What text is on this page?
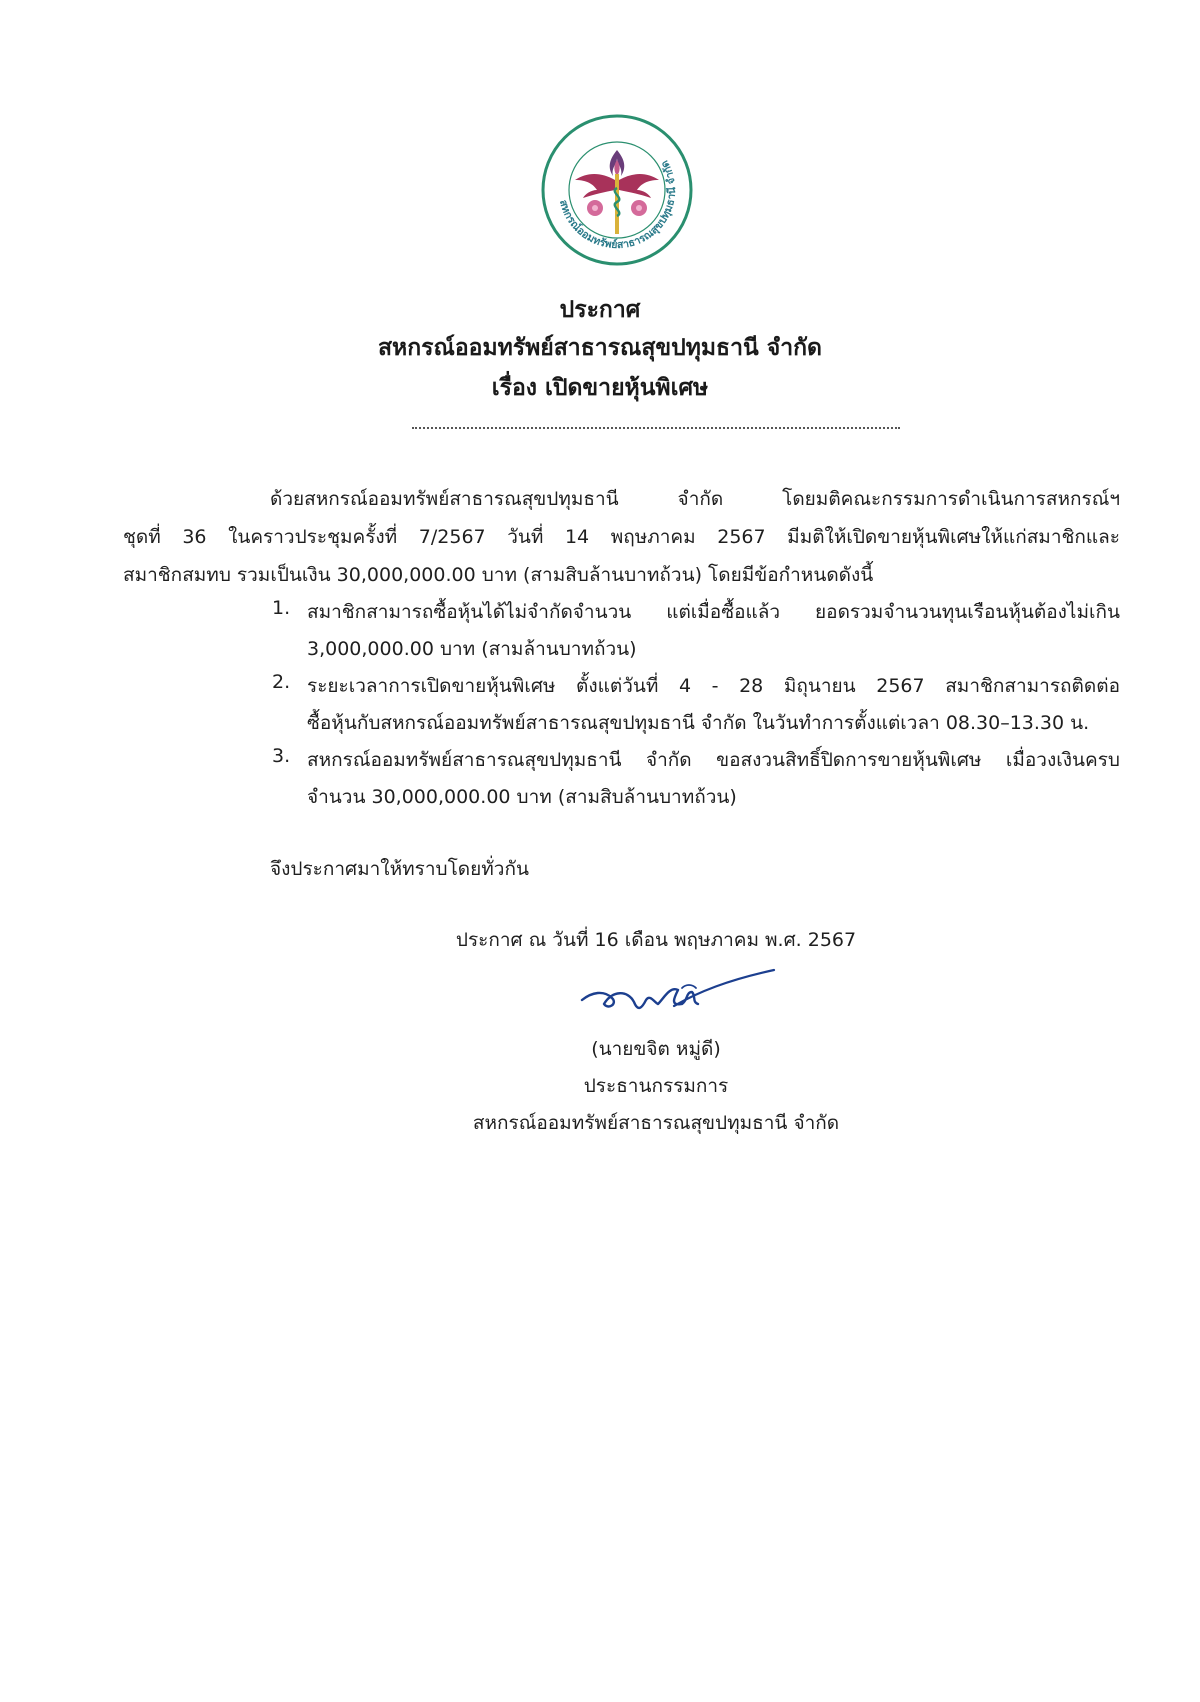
สหกรณ์ออมทรัพย์สาธารณสุขปทุมธานี จำกัด
ประกาศ
สหกรณ์ออมทรัพย์สาธารณสุขปทุมธานี จำกัด
เรื่อง เปิดขายหุ้นพิเศษ
ด้วยสหกรณ์ออมทรัพย์สาธารณสุขปทุมธานี จำกัด โดยมติคณะกรรมการดำเนินการสหกรณ์ฯ
ชุดที่ 36 ในคราวประชุมครั้งที่ 7/2567 วันที่ 14 พฤษภาคม 2567 มีมติให้เปิดขายหุ้นพิเศษให้แก่สมาชิกและ
สมาชิกสมทบ รวมเป็นเงิน 30,000,000.00 บาท (สามสิบล้านบาทถ้วน) โดยมีข้อกำหนดดังนี้
1. สมาชิกสามารถซื้อหุ้นได้ไม่จำกัดจำนวน แต่เมื่อซื้อแล้ว ยอดรวมจำนวนทุนเรือนหุ้นต้องไม่เกิน
3,000,000.00 บาท (สามล้านบาทถ้วน)
2. ระยะเวลาการเปิดขายหุ้นพิเศษ ตั้งแต่วันที่ 4 - 28 มิถุนายน 2567 สมาชิกสามารถติดต่อ
ซื้อหุ้นกับสหกรณ์ออมทรัพย์สาธารณสุขปทุมธานี จำกัด ในวันทำการตั้งแต่เวลา 08.30–13.30 น.
3. สหกรณ์ออมทรัพย์สาธารณสุขปทุมธานี จำกัด ขอสงวนสิทธิ์ปิดการขายหุ้นพิเศษ เมื่อวงเงินครบ
จำนวน 30,000,000.00 บาท (สามสิบล้านบาทถ้วน)
จึงประกาศมาให้ทราบโดยทั่วกัน
ประกาศ ณ วันที่ 16 เดือน พฤษภาคม พ.ศ. 2567
(นายขจิต หมู่ดี)
ประธานกรรมการ
สหกรณ์ออมทรัพย์สาธารณสุขปทุมธานี จำกัด
